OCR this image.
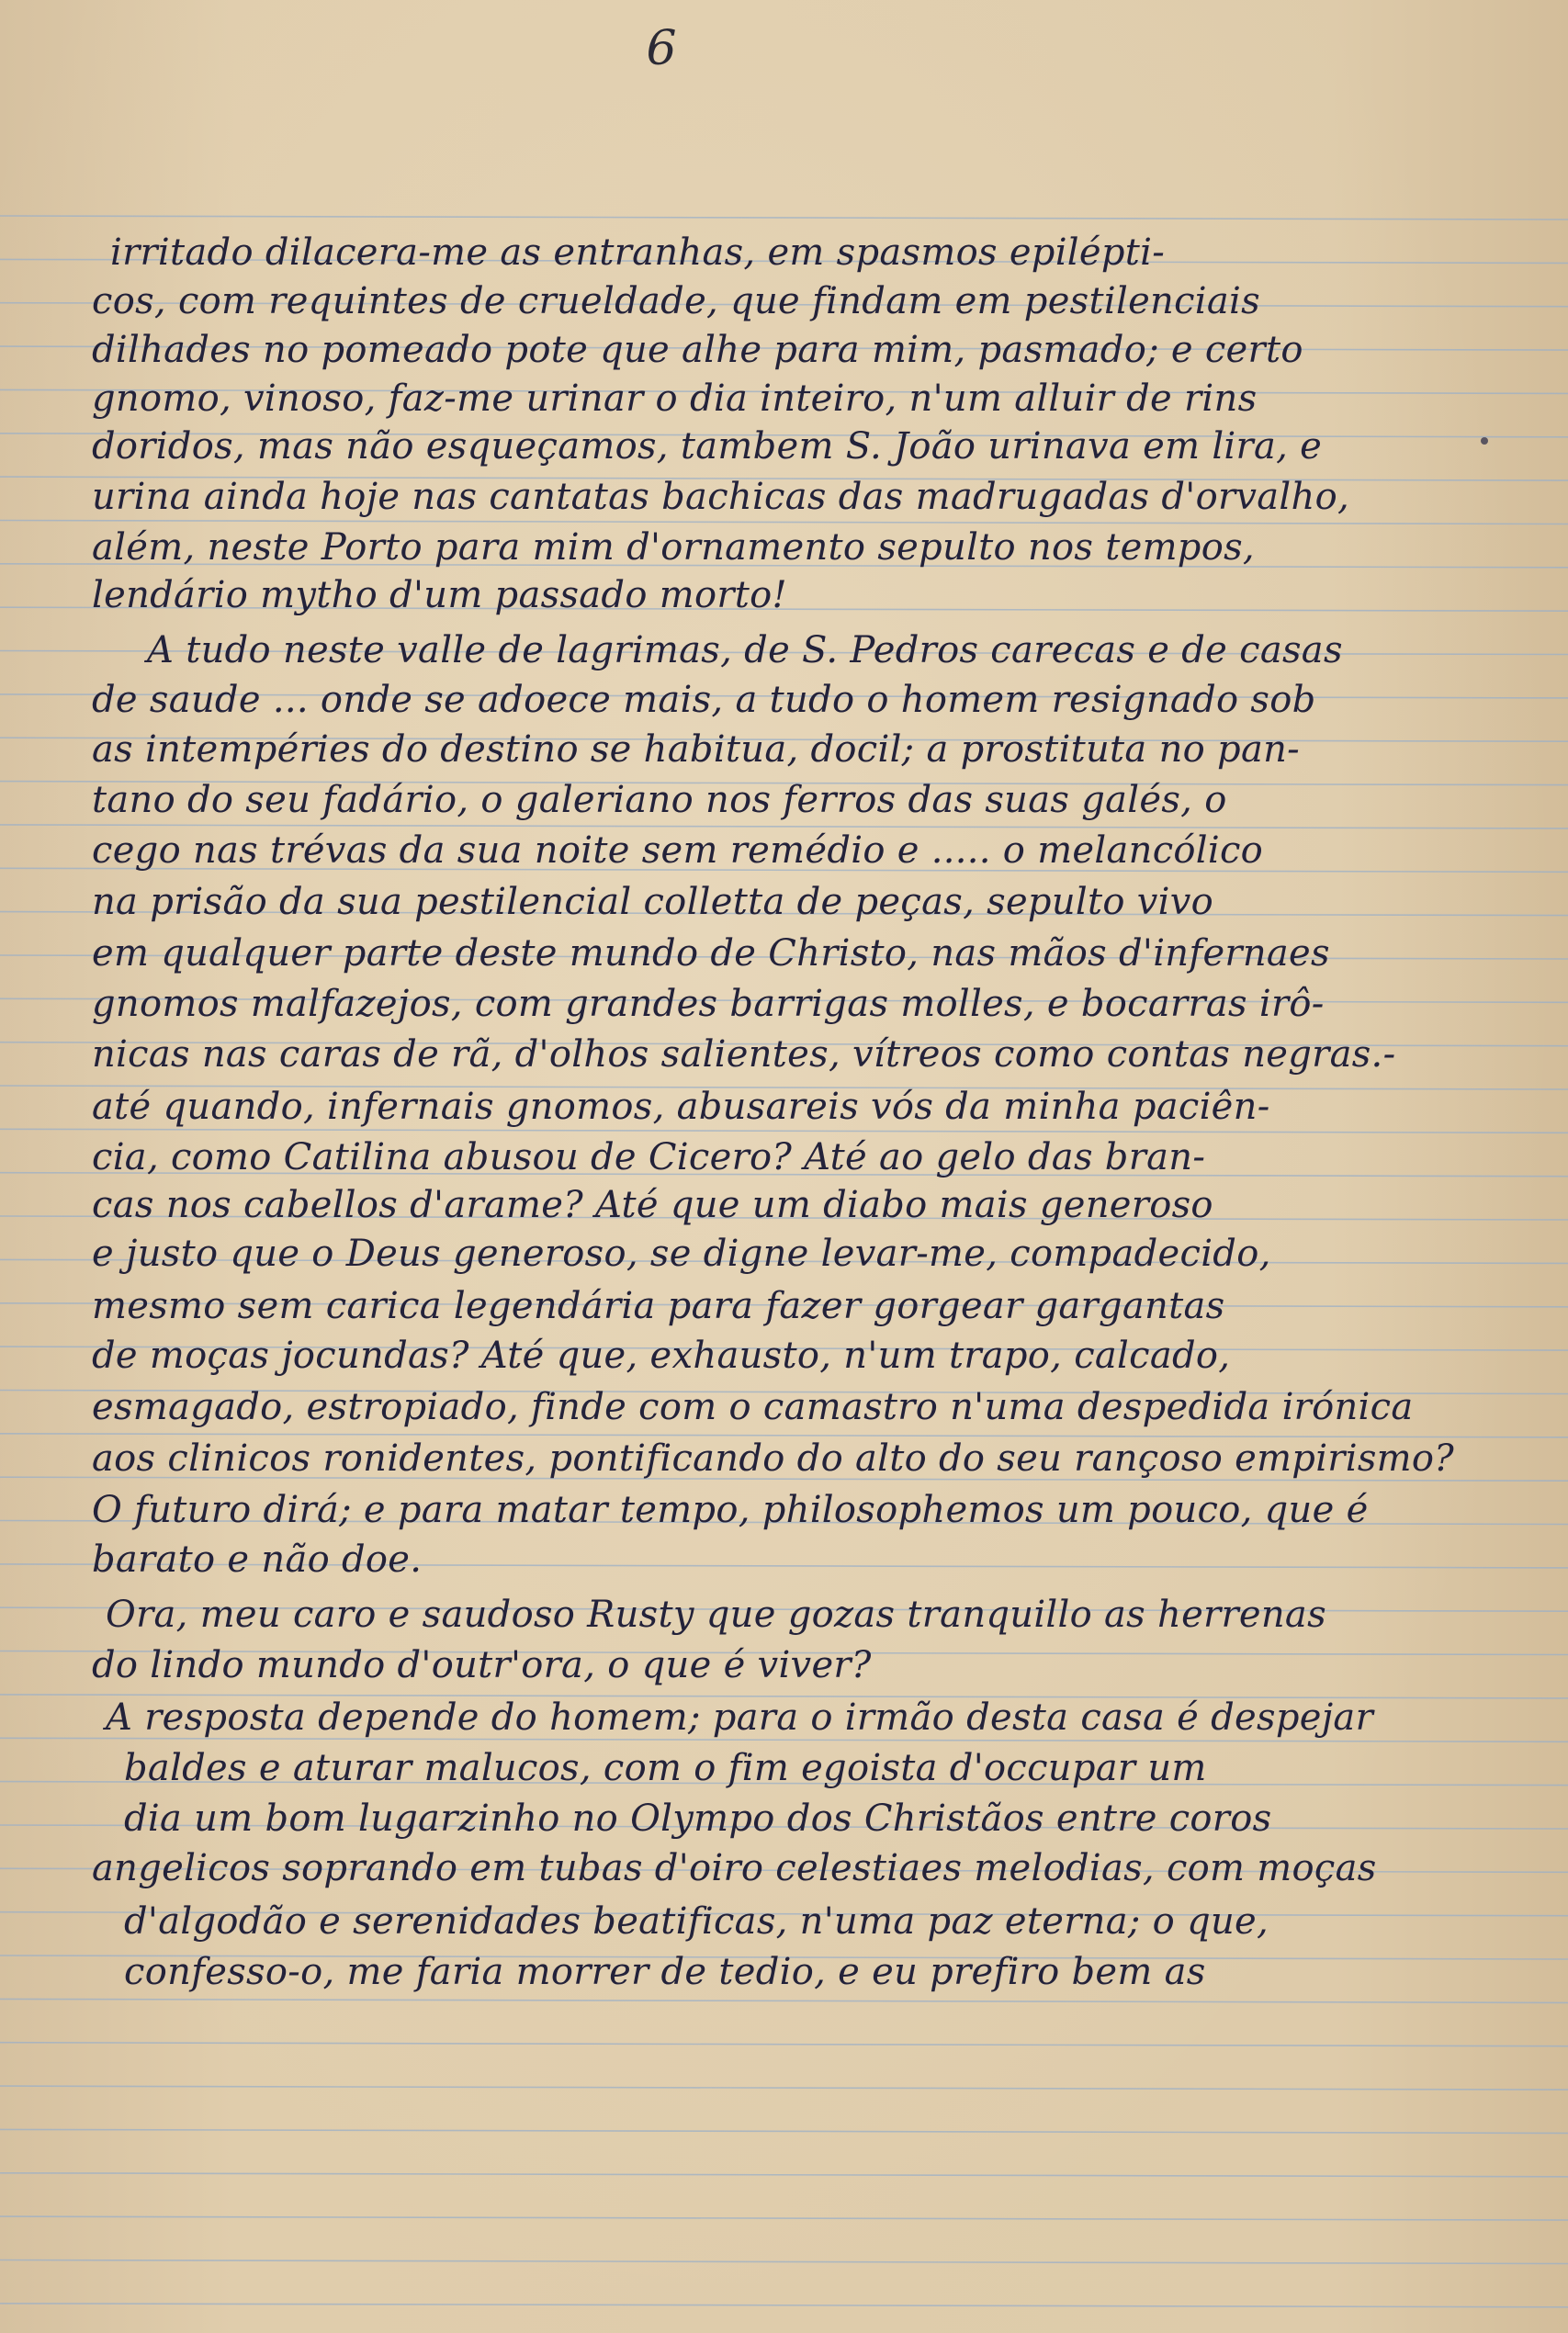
6
irritado dilacera-me as entranhas, em spasmos epilépti-
cos, com requintes de crueldade, que findam em pestilenciais
dilhades no pomeado pote que alhe para mim, pasmado; e certo
gnomo, vinoso, faz-me urinar o dia inteiro, n'um alluir de rins
doridos, mas não esqueçamos, tambem S. João urinava em lira, e
urina ainda hoje nas cantatas bachicas das madrugadas d'orvalho,
além, neste Porto para mim d'ornamento sepulto nos tempos,
lendário mytho d'um passado morto!
A tudo neste valle de lagrimas, de S. Pedros carecas e de casas
de saude ... onde se adoece mais, a tudo o homem resignado sob
as intempéries do destino se habitua, docil; a prostituta no pan-
tano do seu fadário, o galeriano nos ferros das suas galés, o
cego nas trévas da sua noite sem remédio e ..... o melancólico
na prisão da sua pestilencial colletta de peças, sepulto vivo
em qualquer parte deste mundo de Christo, nas mãos d'infernaes
gnomos malfazejos, com grandes barrigas molles, e bocarras irô-
nicas nas caras de rã, d'olhos salientes, vítreos como contas negras.-
até quando, infernais gnomos, abusareis vós da minha paciên-
cia, como Catilina abusou de Cicero? Até ao gelo das bran-
cas nos cabellos d'arame? Até que um diabo mais generoso
e justo que o Deus generoso, se digne levar-me, compadecido,
mesmo sem carica legendária para fazer gorgear gargantas
de moças jocundas? Até que, exhausto, n'um trapo, calcado,
esmagado, estropiado, finde com o camastro n'uma despedida irónica
aos clinicos ronidentes, pontificando do alto do seu rançoso empirismo?
O futuro dirá; e para matar tempo, philosophemos um pouco, que é
barato e não doe.
Ora, meu caro e saudoso Rusty que gozas tranquillo as herrenas
do lindo mundo d'outr'ora, o que é viver?
A resposta depende do homem; para o irmão desta casa é despejar
baldes e aturar malucos, com o fim egoista d'occupar um
dia um bom lugarzinho no Olympo dos Christãos entre coros
angelicos soprando em tubas d'oiro celestiaes melodias, com moças
d'algodão e serenidades beatificas, n'uma paz eterna; o que,
confesso-o, me faria morrer de tedio, e eu prefiro bem as
